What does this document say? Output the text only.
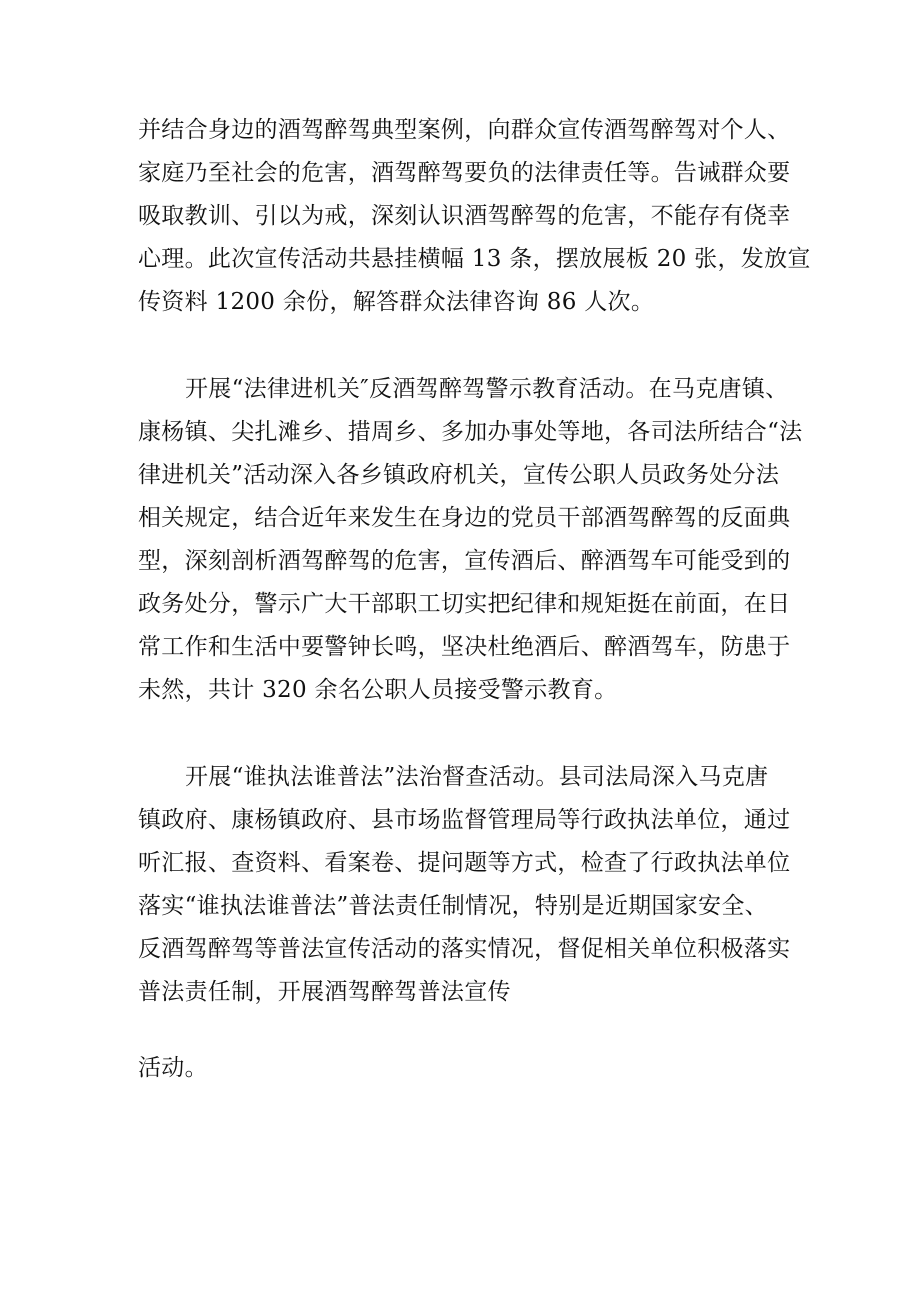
并结合身边的酒驾醉驾典型案例，向群众宣传酒驾醉驾对个人、
家庭乃至社会的危害，酒驾醉驾要负的法律责任等。告诫群众要
吸取教训、引以为戒，深刻认识酒驾醉驾的危害，不能存有侥幸
心理。此次宣传活动共悬挂横幅 13 条，摆放展板 20 张，发放宣
传资料 1200 余份，解答群众法律咨询 86 人次。
开展“法律进机关″反酒驾醉驾警示教育活动。在马克唐镇、
康杨镇、尖扎滩乡、措周乡、多加办事处等地，各司法所结合“法
律进机关”活动深入各乡镇政府机关，宣传公职人员政务处分法
相关规定，结合近年来发生在身边的党员干部酒驾醉驾的反面典
型，深刻剖析酒驾醉驾的危害，宣传酒后、醉酒驾车可能受到的
政务处分，警示广大干部职工切实把纪律和规矩挺在前面，在日
常工作和生活中要警钟长鸣，坚决杜绝酒后、醉酒驾车，防患于
未然，共计 320 余名公职人员接受警示教育。
开展“谁执法谁普法”法治督查活动。县司法局深入马克唐
镇政府、康杨镇政府、县市场监督管理局等行政执法单位，通过
听汇报、查资料、看案卷、提问题等方式，检查了行政执法单位
落实“谁执法谁普法”普法责任制情况，特别是近期国家安全、
反酒驾醉驾等普法宣传活动的落实情况，督促相关单位积极落实
普法责任制，开展酒驾醉驾普法宣传
活动。
